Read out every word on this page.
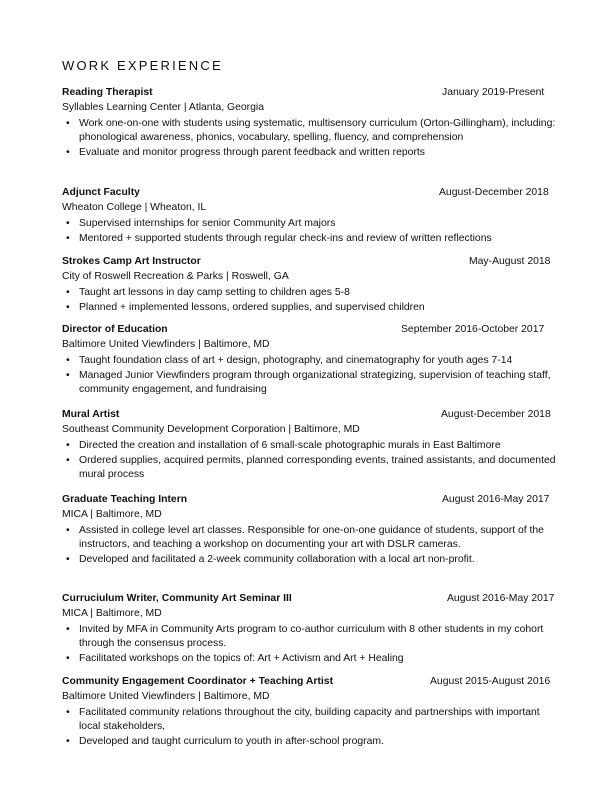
WORK EXPERIENCE
Reading Therapist	January 2019-Present
Syllables Learning Center | Atlanta, Georgia
• Work one-on-one with students using systematic, multisensory curriculum (Orton-Gillingham), including: phonological awareness, phonics, vocabulary, spelling, fluency, and comprehension
• Evaluate and monitor progress through parent feedback and written reports
Adjunct Faculty	August-December 2018
Wheaton College | Wheaton, IL
• Supervised internships for senior Community Art majors
• Mentored + supported students through regular check-ins and review of written reflections
Strokes Camp Art Instructor	May-August 2018
City of Roswell Recreation & Parks | Roswell, GA
• Taught art lessons in day camp setting to children ages 5-8
• Planned + implemented lessons, ordered supplies, and supervised children
Director of Education	September 2016-October 2017
Baltimore United Viewfinders | Baltimore, MD
• Taught foundation class of art + design, photography, and cinematography for youth ages 7-14
• Managed Junior Viewfinders program through organizational strategizing, supervision of teaching staff, community engagement, and fundraising
Mural Artist	August-December 2018
Southeast Community Development Corporation | Baltimore, MD
• Directed the creation and installation of 6 small-scale photographic murals in East Baltimore
• Ordered supplies, acquired permits, planned corresponding events, trained assistants, and documented mural process
Graduate Teaching Intern	August 2016-May 2017
MICA | Baltimore, MD
• Assisted in college level art classes. Responsible for one-on-one guidance of students, support of the instructors, and teaching a workshop on documenting your art with DSLR cameras.
• Developed and facilitated a 2-week community collaboration with a local art non-profit.
Curruciulum Writer, Community Art Seminar III	August 2016-May 2017
MICA | Baltimore, MD
• Invited by MFA in Community Arts program to co-author curriculum with 8 other students in my cohort through the consensus process.
• Facilitated workshops on the topics of: Art + Activism and Art + Healing
Community Engagement Coordinator + Teaching Artist	August 2015-August 2016
Baltimore United Viewfinders | Baltimore, MD
• Facilitated community relations throughout the city, building capacity and partnerships with important local stakeholders,
• Developed and taught curriculum to youth in after-school program.
